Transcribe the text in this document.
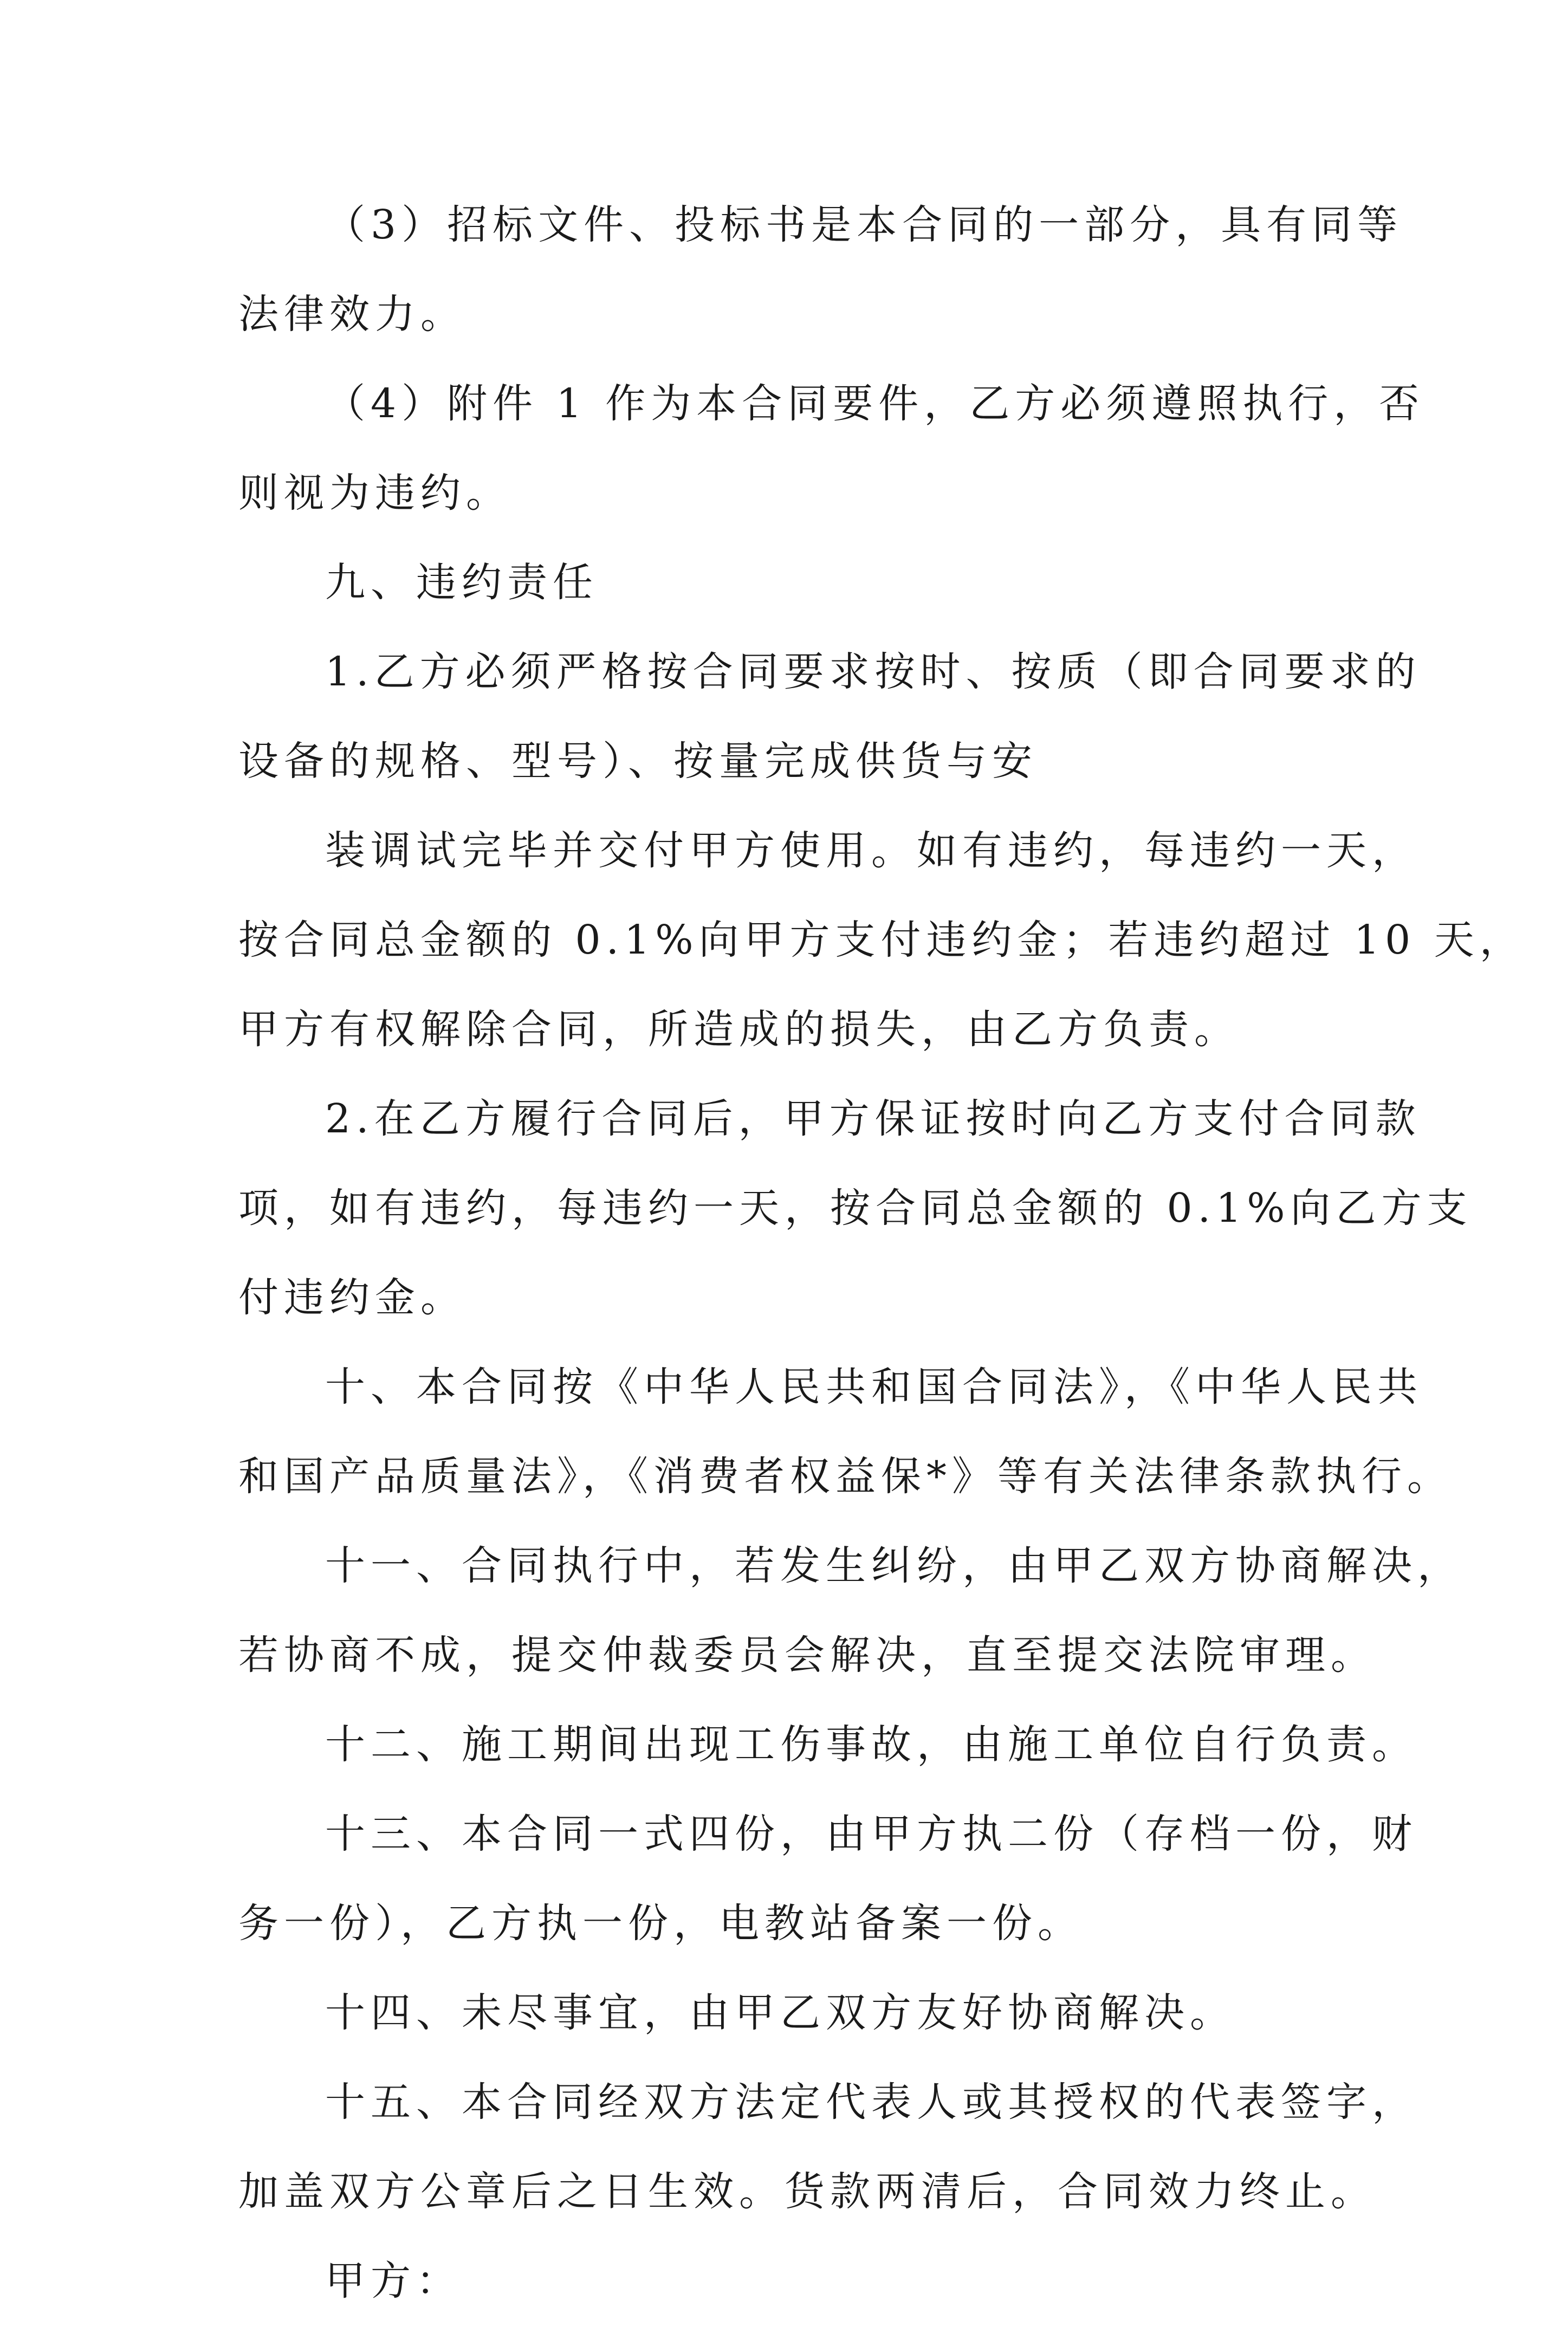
（3）招标文件、投标书是本合同的一部分，具有同等

法律效力。

（4）附件 1 作为本合同要件，乙方必须遵照执行，否

则视为违约。

九、违约责任

1.乙方必须严格按合同要求按时、按质（即合同要求的

设备的规格、型号）、按量完成供货与安

装调试完毕并交付甲方使用。如有违约，每违约一天，

按合同总金额的 0.1%向甲方支付违约金；若违约超过 10 天，

甲方有权解除合同，所造成的损失，由乙方负责。

2.在乙方履行合同后，甲方保证按时向乙方支付合同款

项，如有违约，每违约一天，按合同总金额的 0.1%向乙方支

付违约金。

十、本合同按《中华人民共和国合同法》，《中华人民共

和国产品质量法》，《消费者权益保*》等有关法律条款执行。

十一、合同执行中，若发生纠纷，由甲乙双方协商解决，

若协商不成，提交仲裁委员会解决，直至提交法院审理。

十二、施工期间出现工伤事故，由施工单位自行负责。

十三、本合同一式四份，由甲方执二份（存档一份，财

务一份），乙方执一份，电教站备案一份。

十四、未尽事宜，由甲乙双方友好协商解决。

十五、本合同经双方法定代表人或其授权的代表签字，

加盖双方公章后之日生效。货款两清后，合同效力终止。

甲方：
